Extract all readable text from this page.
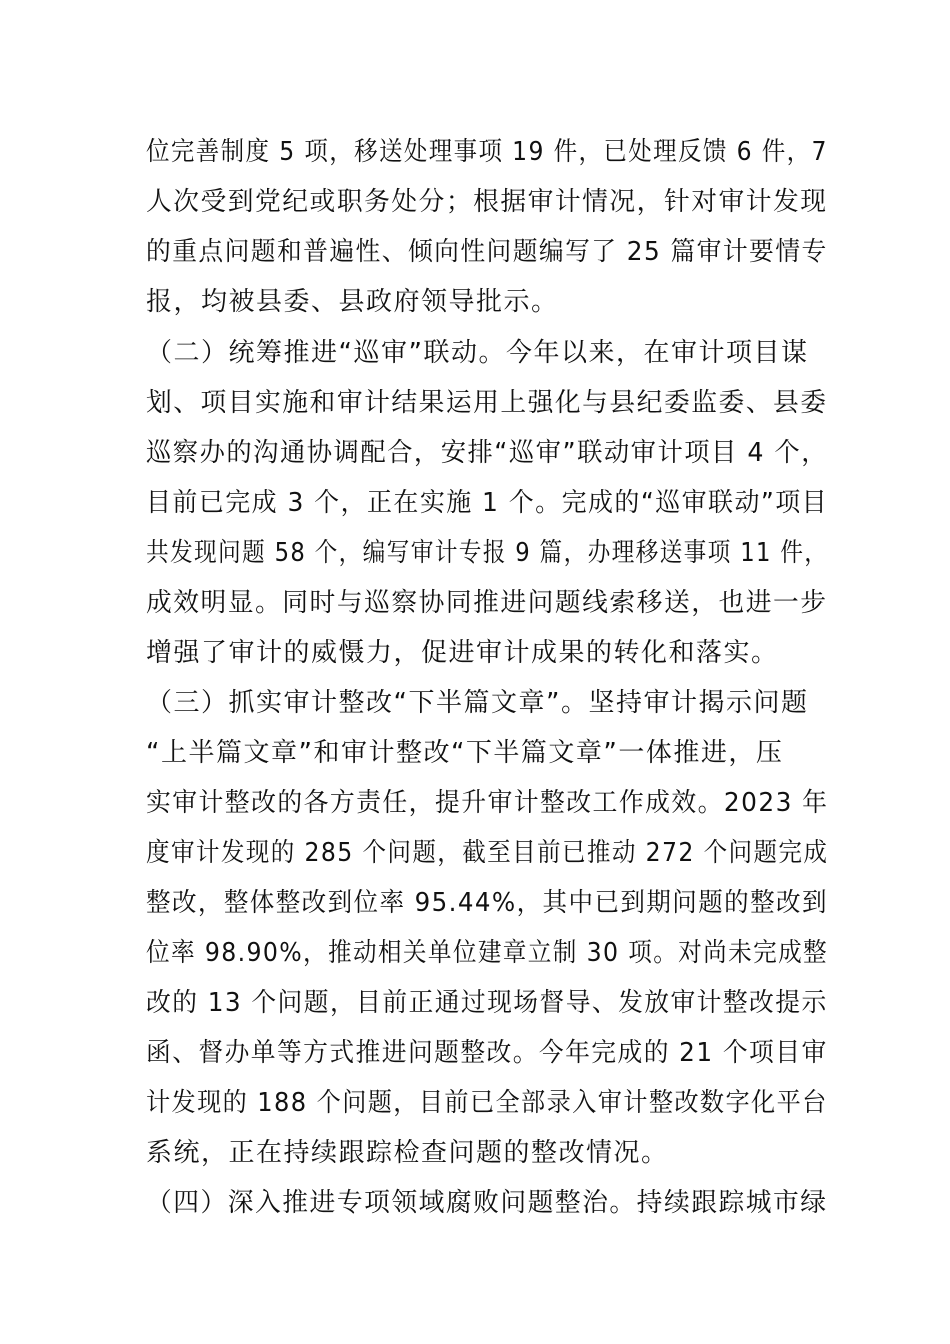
位完善制度 5 项，移送处理事项 19 件，已处理反馈 6 件，7
人次受到党纪或职务处分；根据审计情况，针对审计发现
的重点问题和普遍性、倾向性问题编写了 25 篇审计要情专
报，均被县委、县政府领导批示。
（二）统筹推进“巡审”联动。今年以来，在审计项目谋
划、项目实施和审计结果运用上强化与县纪委监委、县委
巡察办的沟通协调配合，安排“巡审”联动审计项目 4 个，
目前已完成 3 个，正在实施 1 个。完成的“巡审联动”项目
共发现问题 58 个，编写审计专报 9 篇，办理移送事项 11 件，
成效明显。同时与巡察协同推进问题线索移送，也进一步
增强了审计的威慑力，促进审计成果的转化和落实。
（三）抓实审计整改“下半篇文章”。坚持审计揭示问题
“上半篇文章”和审计整改“下半篇文章”一体推进，压
实审计整改的各方责任，提升审计整改工作成效。2023 年
度审计发现的 285 个问题，截至目前已推动 272 个问题完成
整改，整体整改到位率 95.44%，其中已到期问题的整改到
位率 98.90%，推动相关单位建章立制 30 项。对尚未完成整
改的 13 个问题，目前正通过现场督导、发放审计整改提示
函、督办单等方式推进问题整改。今年完成的 21 个项目审
计发现的 188 个问题，目前已全部录入审计整改数字化平台
系统，正在持续跟踪检查问题的整改情况。
（四）深入推进专项领域腐败问题整治。持续跟踪城市绿
